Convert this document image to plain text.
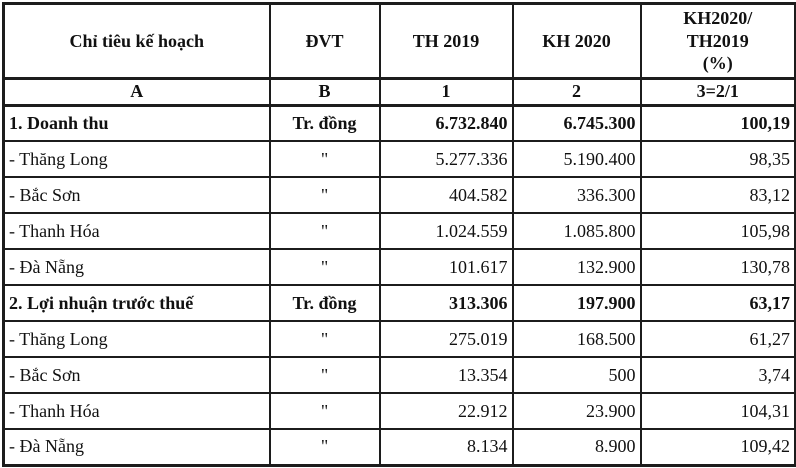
Chỉ tiêu kế hoạch	ĐVT	TH 2019	KH 2020	KH2020/
TH2019
(%)

A	B	1	2	3=2/1
1. Doanh thu	Tr. đồng	6.732.840	6.745.300	100,19
- Thăng Long	"	5.277.336	5.190.400	98,35
- Bắc Sơn	"	404.582	336.300	83,12
- Thanh Hóa	"	1.024.559	1.085.800	105,98
- Đà Nẵng	"	101.617	132.900	130,78
2. Lợi nhuận trước thuế	Tr. đồng	313.306	197.900	63,17
- Thăng Long	"	275.019	168.500	61,27
- Bắc Sơn	"	13.354	500	3,74
- Thanh Hóa	"	22.912	23.900	104,31
- Đà Nẵng	"	8.134	8.900	109,42
